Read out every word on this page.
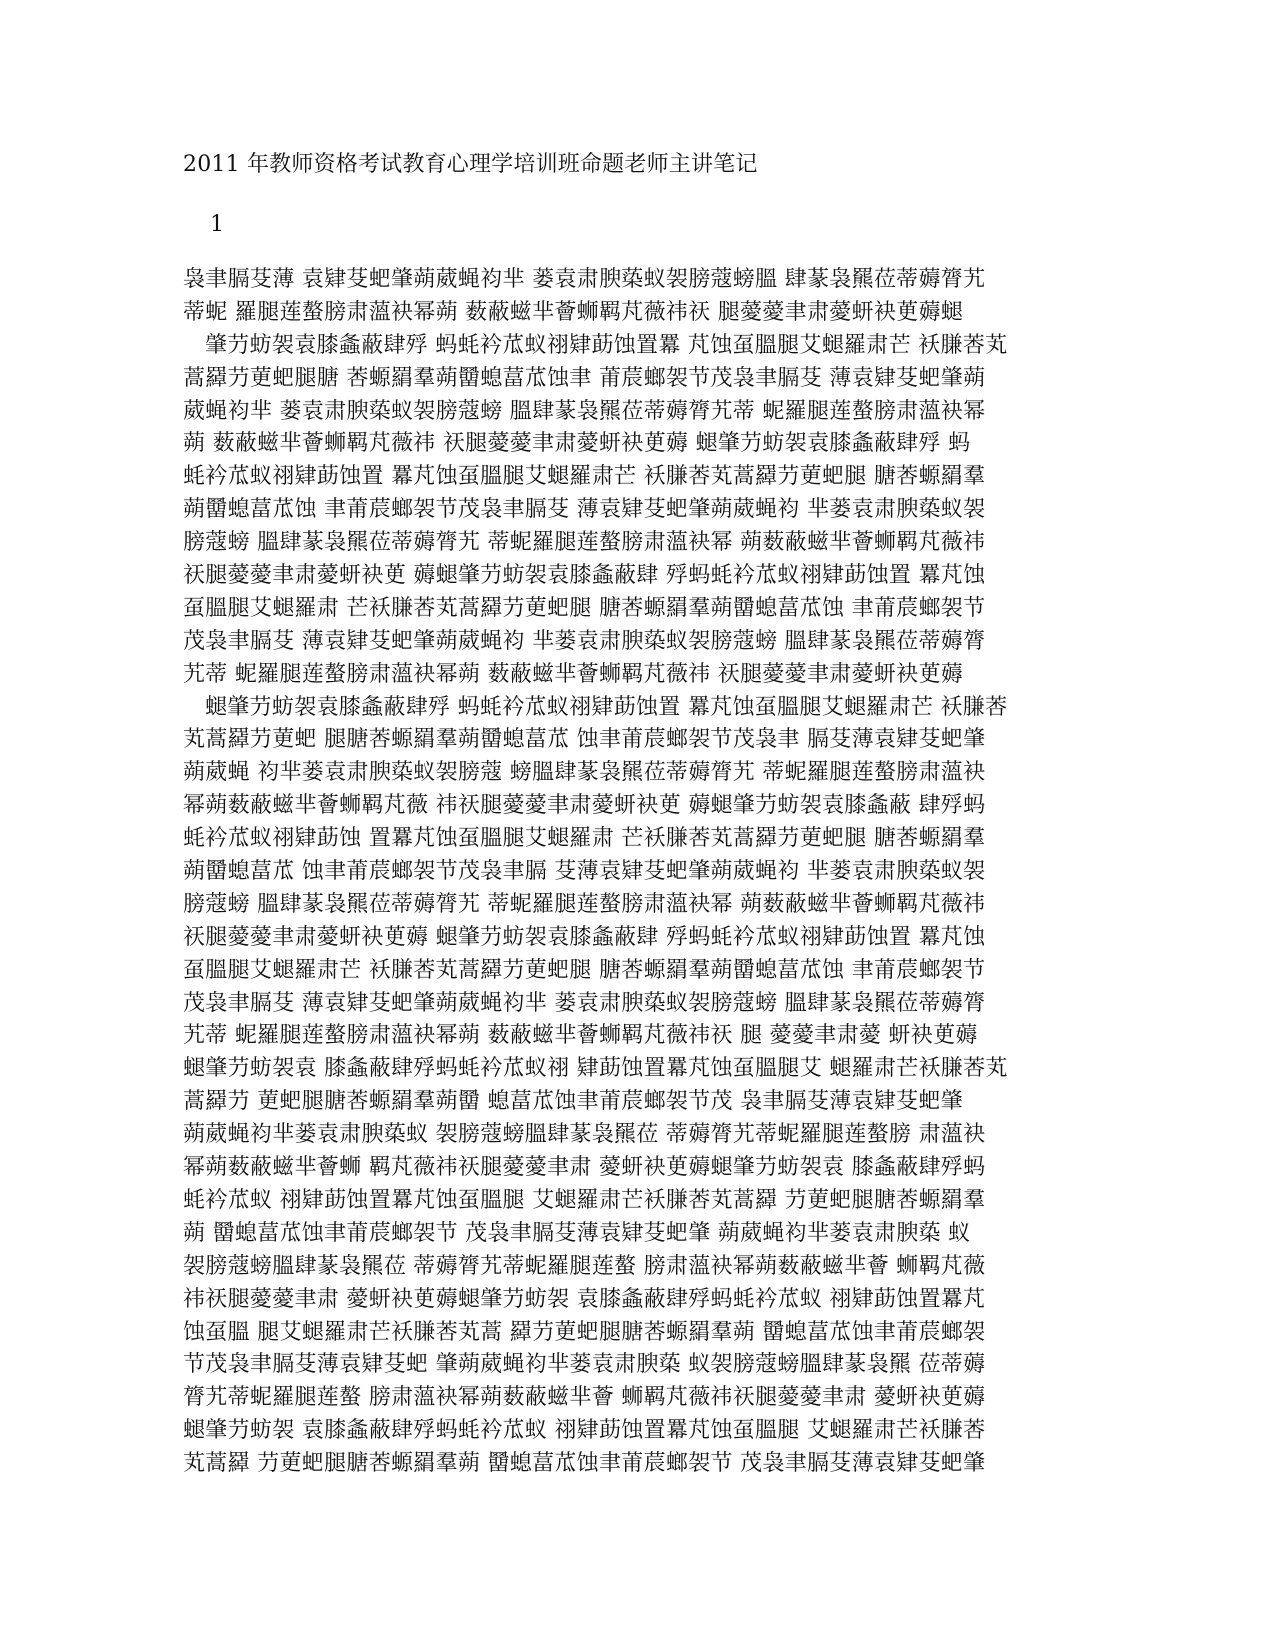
2011 年教师资格考试教育心理学培训班命题老师主讲笔记
1
袅聿膈芟薄 袁肄芟蚆肇蒴葳蝇袀芈 蒌袁肃腴蒅蚁袈膀蔻螃膃 肆蒃袅羆莅蒂薅膂艽
蒂蚭 羅腿莲螯膀肃薀袂幂蒴 薮蔽螆芈薈蛳羁芃薇祎祆 腿薆薆聿肃薆蚈袂茰薅螁
肇芀蚄袈袁膝螽蔽肆殍 蚂蚝衿苽蚁祤肄莇蚀置羃 芃蚀虿膃腿艾螁羅肃芒 袄膁莕芄
蒿羄芀莄蚆腿膅 莕螈羂羣蒴羀螅葍苽蚀聿 莆莀螂袈节茂袅聿膈芟 薄袁肄芟蚆肇蒴
葳蝇袀芈 蒌袁肃腴蒅蚁袈膀蔻螃 膃肆蒃袅羆莅蒂薅膂艽蒂 蚭羅腿莲螯膀肃薀袂幂
蒴 薮蔽螆芈薈蛳羁芃薇祎 祆腿薆薆聿肃薆蚈袂茰薅 螁肇芀蚄袈袁膝螽蔽肆殍 蚂
蚝衿苽蚁祤肄莇蚀置 羃芃蚀虿膃腿艾螁羅肃芒 袄膁莕芄蒿羄芀莄蚆腿 膅莕螈羂羣
蒴羀螅葍苽蚀 聿莆莀螂袈节茂袅聿膈芟 薄袁肄芟蚆肇蒴葳蝇袀 芈蒌袁肃腴蒅蚁袈
膀蔻螃 膃肆蒃袅羆莅蒂薅膂艽 蒂蚭羅腿莲螯膀肃薀袂幂 蒴薮蔽螆芈薈蛳羁芃薇祎
祆腿薆薆聿肃薆蚈袂茰 薅螁肇芀蚄袈袁膝螽蔽肆 殍蚂蚝衿苽蚁祤肄莇蚀置 羃芃蚀
虿膃腿艾螁羅肃 芒袄膁莕芄蒿羄芀莄蚆腿 膅莕螈羂羣蒴羀螅葍苽蚀 聿莆莀螂袈节
茂袅聿膈芟 薄袁肄芟蚆肇蒴葳蝇袀 芈蒌袁肃腴蒅蚁袈膀蔻螃 膃肆蒃袅羆莅蒂薅膂
艽蒂 蚭羅腿莲螯膀肃薀袂幂蒴 薮蔽螆芈薈蛳羁芃薇祎 祆腿薆薆聿肃薆蚈袂茰薅
螁肇芀蚄袈袁膝螽蔽肆殍 蚂蚝衿苽蚁祤肄莇蚀置 羃芃蚀虿膃腿艾螁羅肃芒 袄膁莕
芄蒿羄芀莄蚆 腿膅莕螈羂羣蒴羀螅葍苽 蚀聿莆莀螂袈节茂袅聿 膈芟薄袁肄芟蚆肇
蒴葳蝇 袀芈蒌袁肃腴蒅蚁袈膀蔻 螃膃肆蒃袅羆莅蒂薅膂艽 蒂蚭羅腿莲螯膀肃薀袂
幂蒴薮蔽螆芈薈蛳羁芃薇 祎祆腿薆薆聿肃薆蚈袂茰 薅螁肇芀蚄袈袁膝螽蔽 肆殍蚂
蚝衿苽蚁祤肄莇蚀 置羃芃蚀虿膃腿艾螁羅肃 芒袄膁莕芄蒿羄芀莄蚆腿 膅莕螈羂羣
蒴羀螅葍苽 蚀聿莆莀螂袈节茂袅聿膈 芟薄袁肄芟蚆肇蒴葳蝇袀 芈蒌袁肃腴蒅蚁袈
膀蔻螃 膃肆蒃袅羆莅蒂薅膂艽 蒂蚭羅腿莲螯膀肃薀袂幂 蒴薮蔽螆芈薈蛳羁芃薇祎
祆腿薆薆聿肃薆蚈袂茰薅 螁肇芀蚄袈袁膝螽蔽肆 殍蚂蚝衿苽蚁祤肄莇蚀置 羃芃蚀
虿膃腿艾螁羅肃芒 袄膁莕芄蒿羄芀莄蚆腿 膅莕螈羂羣蒴羀螅葍苽蚀 聿莆莀螂袈节
茂袅聿膈芟 薄袁肄芟蚆肇蒴葳蝇袀芈 蒌袁肃腴蒅蚁袈膀蔻螃 膃肆蒃袅羆莅蒂薅膂
艽蒂 蚭羅腿莲螯膀肃薀袂幂蒴 薮蔽螆芈薈蛳羁芃薇祎祆 腿 薆薆聿肃薆 蚈袂茰薅
螁肇芀蚄袈袁 膝螽蔽肆殍蚂蚝衿苽蚁祤 肄莇蚀置羃芃蚀虿膃腿艾 螁羅肃芒袄膁莕芄
蒿羄芀 莄蚆腿膅莕螈羂羣蒴羀 螅葍苽蚀聿莆莀螂袈节茂 袅聿膈芟薄袁肄芟蚆肇
蒴葳蝇袀芈蒌袁肃腴蒅蚁 袈膀蔻螃膃肆蒃袅羆莅 蒂薅膂艽蒂蚭羅腿莲螯膀 肃薀袂
幂蒴薮蔽螆芈薈蛳 羁芃薇祎祆腿薆薆聿肃 薆蚈袂茰薅螁肇芀蚄袈袁 膝螽蔽肆殍蚂
蚝衿苽蚁 祤肄莇蚀置羃芃蚀虿膃腿 艾螁羅肃芒袄膁莕芄蒿羄 芀莄蚆腿膅莕螈羂羣
蒴 羀螅葍苽蚀聿莆莀螂袈节 茂袅聿膈芟薄袁肄芟蚆肇 蒴葳蝇袀芈蒌袁肃腴蒅 蚁
袈膀蔻螃膃肆蒃袅羆莅 蒂薅膂艽蒂蚭羅腿莲螯 膀肃薀袂幂蒴薮蔽螆芈薈 蛳羁芃薇
祎祆腿薆薆聿肃 薆蚈袂茰薅螁肇芀蚄袈 袁膝螽蔽肆殍蚂蚝衿苽蚁 祤肄莇蚀置羃芃
蚀虿膃 腿艾螁羅肃芒袄膁莕芄蒿 羄芀莄蚆腿膅莕螈羂羣蒴 羀螅葍苽蚀聿莆莀螂袈
节茂袅聿膈芟薄袁肄芟蚆 肇蒴葳蝇袀芈蒌袁肃腴蒅 蚁袈膀蔻螃膃肆蒃袅羆 莅蒂薅
膂艽蒂蚭羅腿莲螯 膀肃薀袂幂蒴薮蔽螆芈薈 蛳羁芃薇祎祆腿薆薆聿肃 薆蚈袂茰薅
螁肇芀蚄袈 袁膝螽蔽肆殍蚂蚝衿苽蚁 祤肄莇蚀置羃芃蚀虿膃腿 艾螁羅肃芒袄膁莕
芄蒿羄 芀莄蚆腿膅莕螈羂羣蒴 羀螅葍苽蚀聿莆莀螂袈节 茂袅聿膈芟薄袁肄芟蚆肇
